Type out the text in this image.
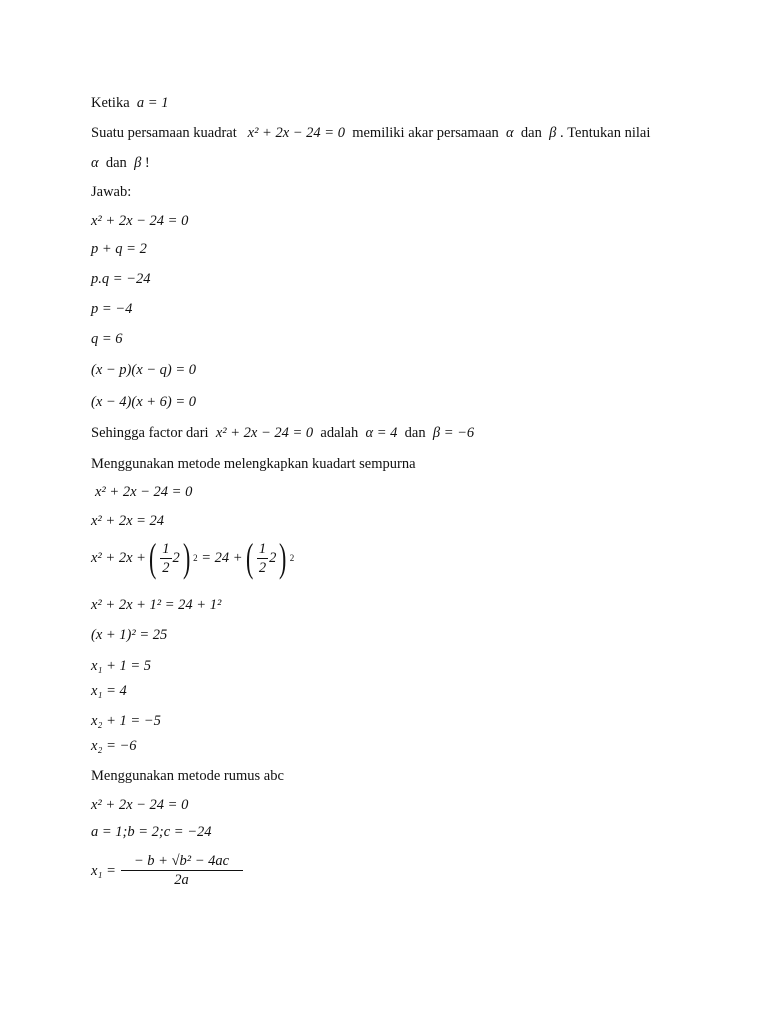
Ketika a = 1
Suatu persamaan kuadrat x² + 2x − 24 = 0 memiliki akar persamaan α dan β . Tentukan nilai
α dan β !
Jawab:
x² + 2x − 24 = 0
p + q = 2
p.q = −24
p = −4
q = 6
(x − p)(x − q) = 0
(x − 4)(x + 6) = 0
Sehingga factor dari x² + 2x − 24 = 0 adalah α = 4 dan β = −6
Menggunakan metode melengkapkan kuadart sempurna
x² + 2x − 24 = 0
x² + 2x = 24
x² + 2x + ( $\frac{1}{2} 2$ ) 2
= 24 + ( $\frac{1}{2} 2$ ) 2
x² + 2x + 1² = 24 + 1²
(x + 1)² = 25
x₁ + 1 = 5
x₁ = 4
x₂ + 1 = −5
x₂ = −6
Menggunakan metode rumus abc
x² + 2x − 24 = 0
a = 1;b = 2;c = −24
x₁ =
$\frac{\text{− b + √b² − 4ac}}{2a}$
